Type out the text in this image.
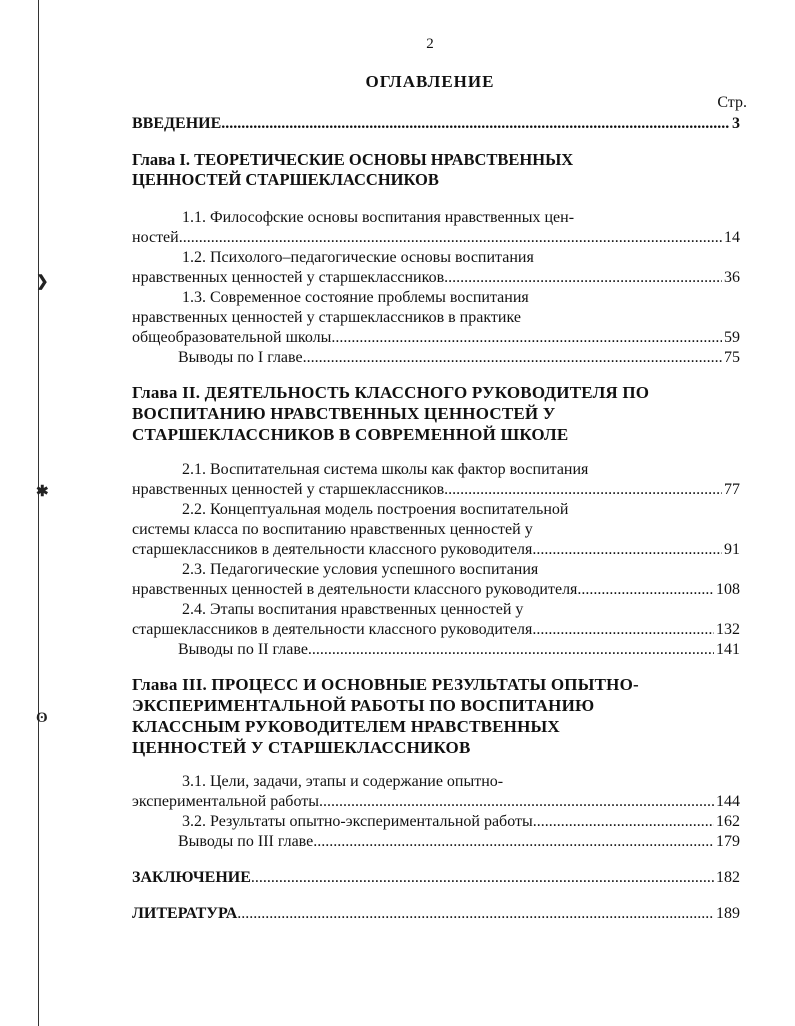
❯
✱
ʘ
2
ОГЛАВЛЕНИЕ
Стр.
ВВЕДЕНИЕ .....	3
Глава I. ТЕОРЕТИЧЕСКИЕ ОСНОВЫ НРАВСТВЕННЫХ
ЦЕННОСТЕЙ СТАРШЕКЛАССНИКОВ
1.1. Философские основы воспитания нравственных цен-
ностей .....	14
1.2. Психолого–педагогические основы воспитания
нравственных ценностей у старшеклассников .....	36
1.3. Современное состояние проблемы воспитания
нравственных ценностей у старшеклассников в практике
общеобразовательной школы .....	59
Выводы по I главе .....	75
Глава II. ДЕЯТЕЛЬНОСТЬ КЛАССНОГО РУКОВОДИТЕЛЯ ПО
ВОСПИТАНИЮ НРАВСТВЕННЫХ ЦЕННОСТЕЙ У
СТАРШЕКЛАССНИКОВ В СОВРЕМЕННОЙ ШКОЛЕ
2.1. Воспитательная система школы как фактор воспитания
нравственных ценностей у старшеклассников .....	77
2.2. Концептуальная модель построения воспитательной
системы класса по воспитанию нравственных ценностей у
старшеклассников в деятельности классного руководителя .....	91
2.3. Педагогические условия успешного воспитания
нравственных ценностей в деятельности классного руководителя .....	108
2.4. Этапы воспитания нравственных ценностей у
старшеклассников в деятельности классного руководителя .....	132
Выводы по II главе .....	141
Глава III. ПРОЦЕСС И ОСНОВНЫЕ РЕЗУЛЬТАТЫ ОПЫТНО-
ЭКСПЕРИМЕНТАЛЬНОЙ РАБОТЫ ПО ВОСПИТАНИЮ
КЛАССНЫМ РУКОВОДИТЕЛЕМ НРАВСТВЕННЫХ
ЦЕННОСТЕЙ У СТАРШЕКЛАССНИКОВ
3.1. Цели, задачи, этапы и содержание опытно-
экспериментальной работы .....	144
3.2. Результаты опытно-экспериментальной работы .....	162
Выводы по III главе .....	179
ЗАКЛЮЧЕНИЕ .....	182
ЛИТЕРАТУРА .....	189
